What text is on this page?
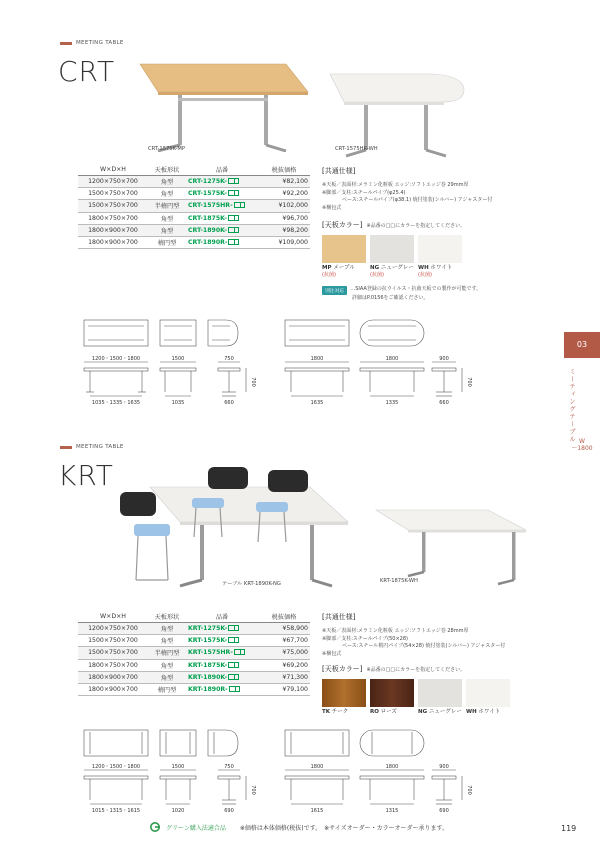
MEETING TABLE
CRT
CRT-1575K-MP	CRT-1575HR-WH
W×D×H	天板形状	品番	税抜価格
1200×750×700	角型	CRT-1275K-	¥82,100
1500×750×700	角型	CRT-1575K-	¥92,200
1500×750×700	半楕円型	CRT-1575HR-	¥102,000
1800×750×700	角型	CRT-1875K-	¥96,700
1800×900×700	角型	CRT-1890K-	¥98,200
1800×900×700	楕円型	CRT-1890R-	¥109,000
[共通仕様]
※天板／表面材:メラミン化粧板 エッジ:ソフトエッジ巻 29mm厚
※脚部／支柱:スチールパイプ(φ25.4)
ベース:スチールパイプ(φ38.1) 焼付塗装(シルバー) アジャスター付
※梱包式
[天板カラー] ※品番の□□にカラーを指定してください。
MP メープル
(抗菌)
NG ニューグレー
(抗菌)
WH ホワイト
(抗菌)
別注対応	…SIAA登録の抗ウイルス・抗菌天板での製作が可能です。
詳細はP.0156をご確認ください。
1200・1500・1800
1035・1335・1635
1500
1035
750
660
700
1800
1635
1800
1335
900
660
700
MEETING TABLE
KRT
テーブル KRT-1890K-NG	KRT-1875K-WH
W×D×H	天板形状	品番	税抜価格
1200×750×700	角型	KRT-1275K-	¥58,900
1500×750×700	角型	KRT-1575K-	¥67,700
1500×750×700	半楕円型	KRT-1575HR-	¥75,000
1800×750×700	角型	KRT-1875K-	¥69,200
1800×900×700	角型	KRT-1890K-	¥71,300
1800×900×700	楕円型	KRT-1890R-	¥79,100
[共通仕様]
※天板／表面材:メラミン化粧板 エッジ:ソフトエッジ巻 28mm厚
※脚部／支柱:スチールパイプ(50×28)
ベース:スチール楕円パイプ(54×28) 焼付塗装(シルバー) アジャスター付
※梱包式
[天板カラー] ※品番の□□にカラーを指定してください。
TK チーク	RO ローズ	NG ニューグレー WH ホワイト
1200・1500・1800
1015・1315・1615
1500
1020
750
690
700
1800
1615
1800
1315
900
690
700
03
ミーティングテーブル W
〜1800
グリーン購入法適合品 ※価格は本体価格(税抜)です。　※サイズオーダー・カラーオーダー承ります。	119
